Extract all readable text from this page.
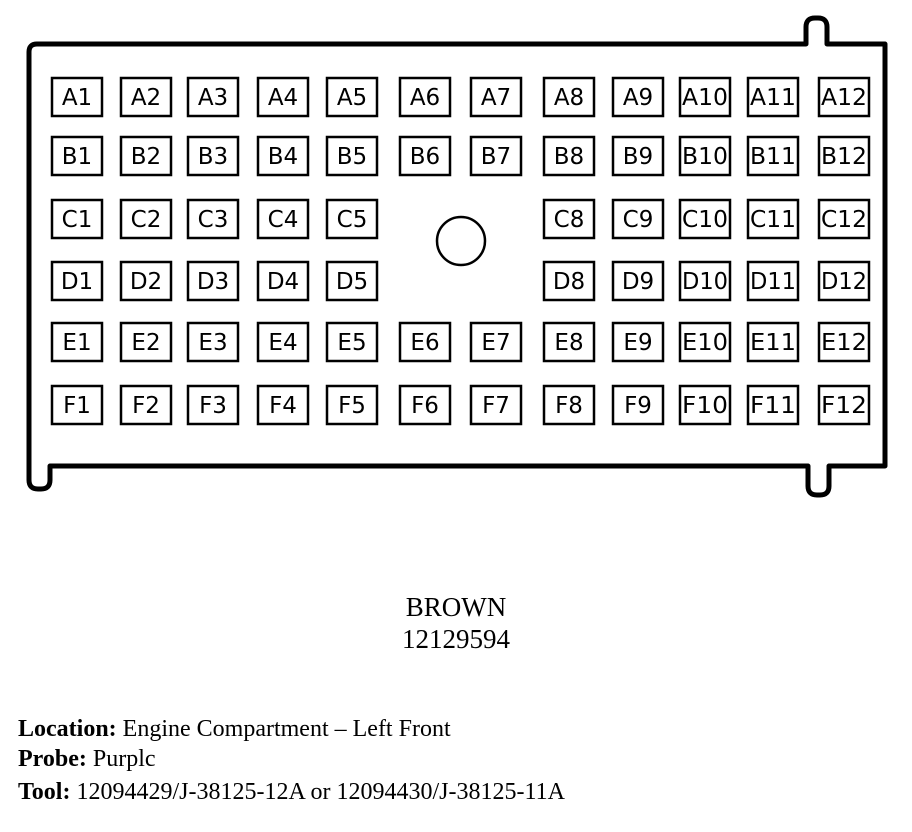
A1 A2 A3 A4 A5 A6 A7 A8 A9 A10 A11 A12
B1 B2 B3 B4 B5 B6 B7 B8 B9 B10 B11 B12
C1 C2 C3 C4 C5	C8 C9 C10 C11 C12
D1 D2 D3 D4 D5	D8 D9 D10 D11 D12
E1 E2 E3 E4 E5 E6 E7 E8 E9 E10 E11 E12
F1 F2 F3 F4 F5 F6 F7 F8 F9 F10 F11 F12
BROWN
12129594
Location: Engine Compartment – Left Front
Probe: Purplc
Tool: 12094429/J-38125-12A or 12094430/J-38125-11A
